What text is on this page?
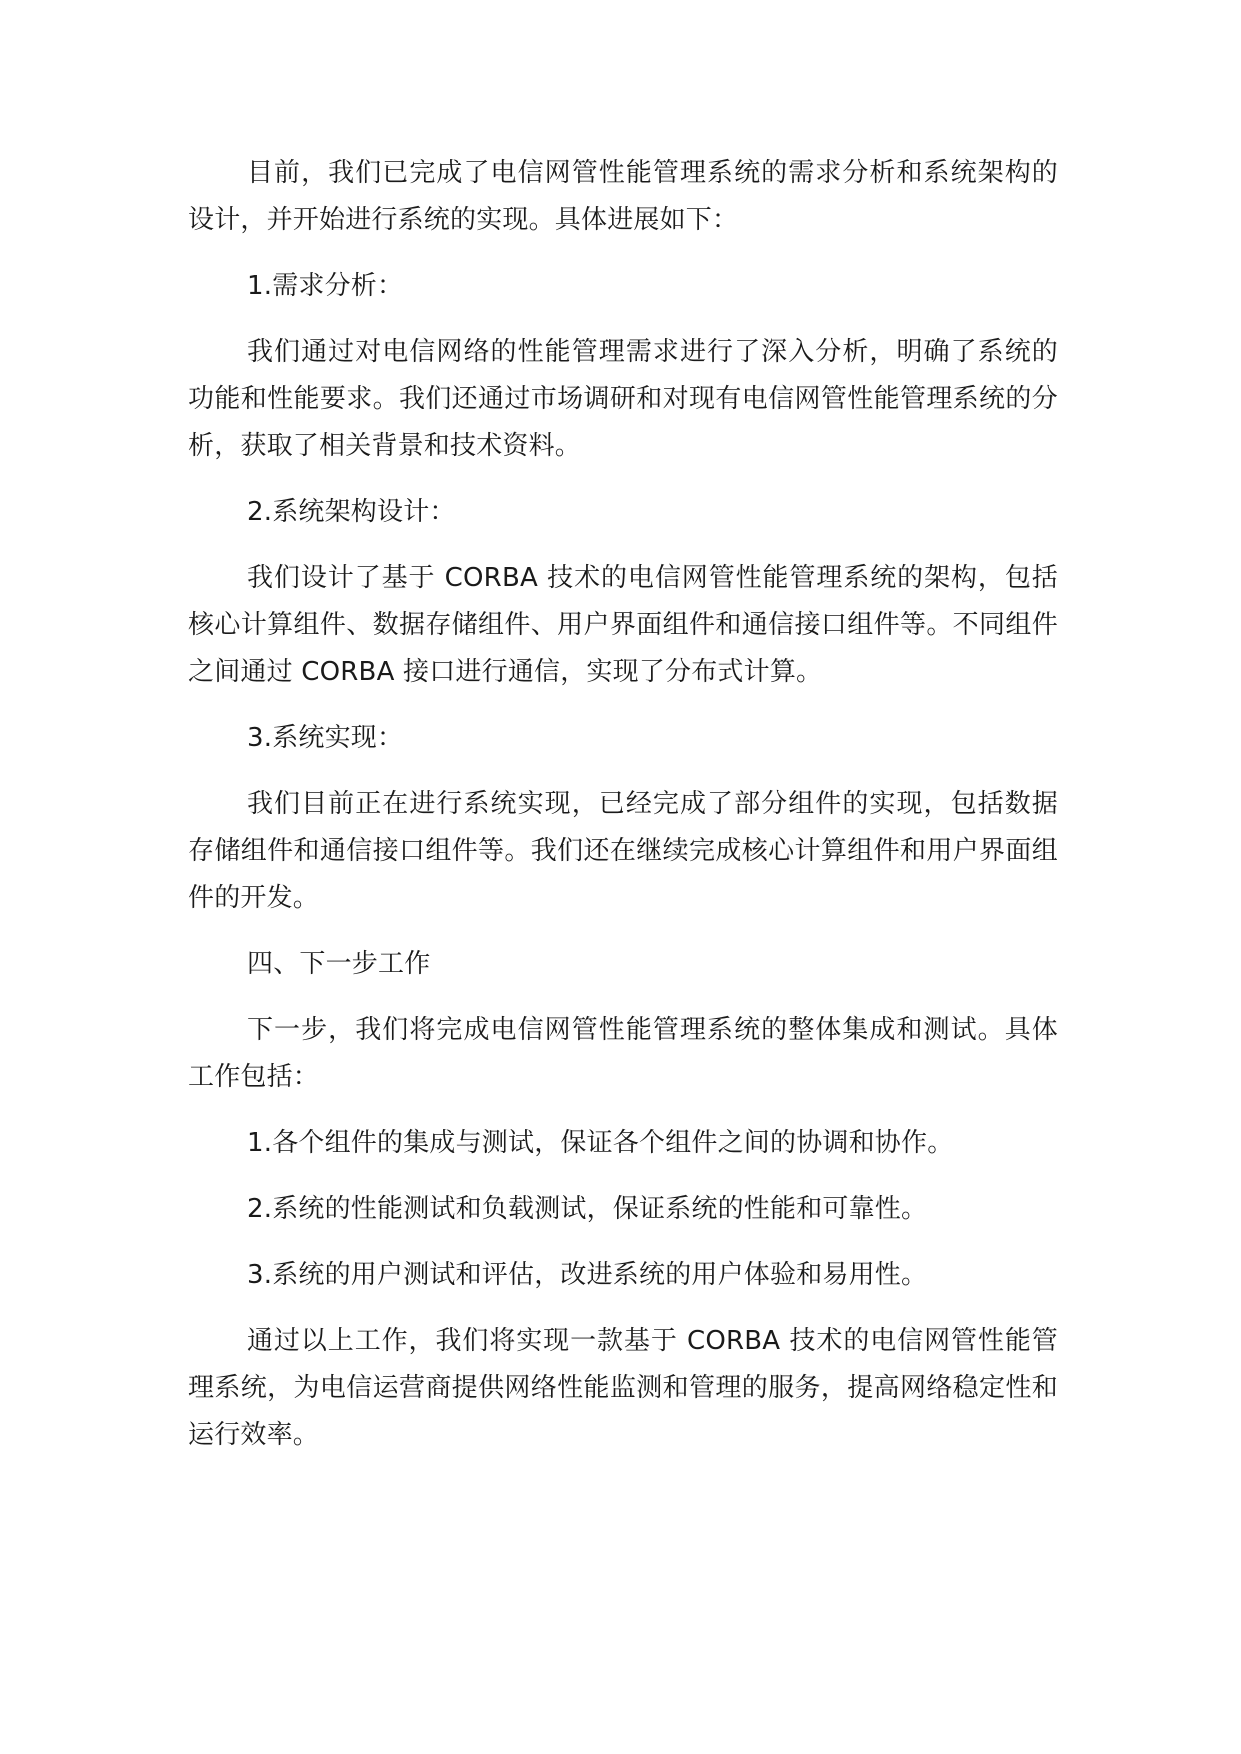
目前，我们已完成了电信网管性能管理系统的需求分析和系统架构的设计，并开始进行系统的实现。具体进展如下：

1.需求分析：

我们通过对电信网络的性能管理需求进行了深入分析，明确了系统的功能和性能要求。我们还通过市场调研和对现有电信网管性能管理系统的分析，获取了相关背景和技术资料。

2.系统架构设计：

我们设计了基于 CORBA 技术的电信网管性能管理系统的架构，包括核心计算组件、数据存储组件、用户界面组件和通信接口组件等。不同组件之间通过 CORBA 接口进行通信，实现了分布式计算。

3.系统实现：

我们目前正在进行系统实现，已经完成了部分组件的实现，包括数据存储组件和通信接口组件等。我们还在继续完成核心计算组件和用户界面组件的开发。

四、下一步工作

下一步，我们将完成电信网管性能管理系统的整体集成和测试。具体工作包括：

1.各个组件的集成与测试，保证各个组件之间的协调和协作。

2.系统的性能测试和负载测试，保证系统的性能和可靠性。

3.系统的用户测试和评估，改进系统的用户体验和易用性。

通过以上工作，我们将实现一款基于 CORBA 技术的电信网管性能管理系统，为电信运营商提供网络性能监测和管理的服务，提高网络稳定性和运行效率。
